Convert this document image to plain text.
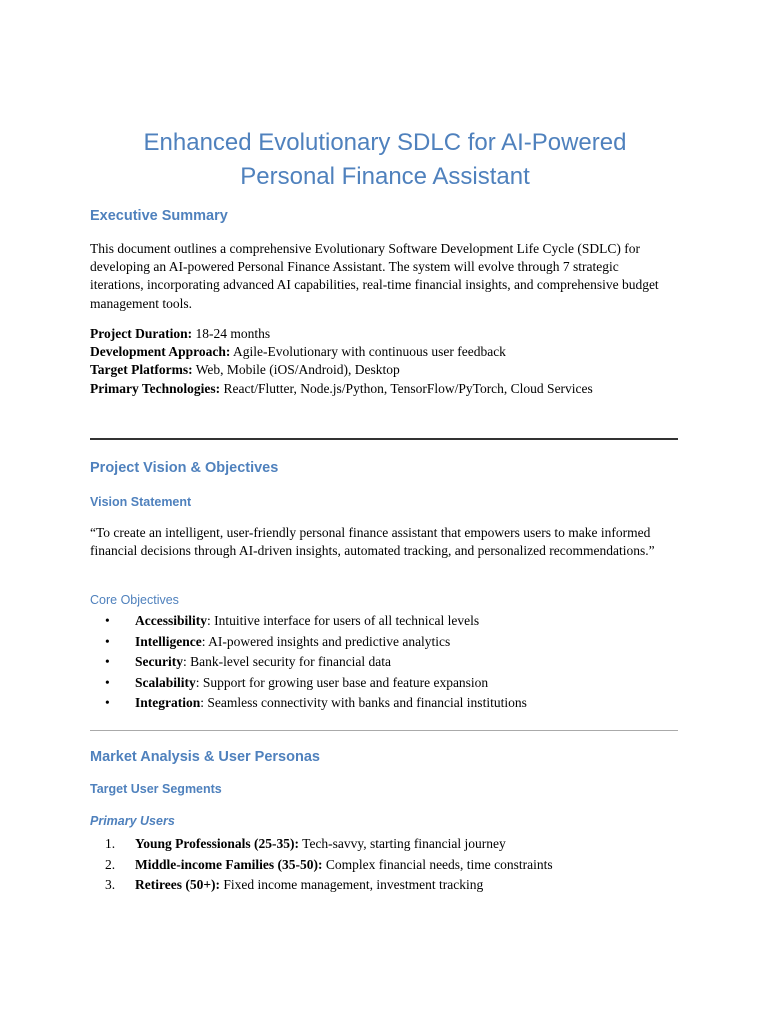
Enhanced Evolutionary SDLC for AI-Powered
Personal Finance Assistant
Executive Summary

This document outlines a comprehensive Evolutionary Software Development Life Cycle (SDLC) for developing an AI-powered Personal Finance Assistant. The system will evolve through 7 strategic iterations, incorporating advanced AI capabilities, real-time financial insights, and comprehensive budget management tools.

Project Duration: 18-24 months
Development Approach: Agile-Evolutionary with continuous user feedback
Target Platforms: Web, Mobile (iOS/Android), Desktop
Primary Technologies: React/Flutter, Node.js/Python, TensorFlow/PyTorch, Cloud Services
Project Vision & Objectives
Vision Statement

“To create an intelligent, user-friendly personal finance assistant that empowers users to make informed financial decisions through AI-driven insights, automated tracking, and personalized recommendations.”

Core Objectives
• Accessibility: Intuitive interface for users of all technical levels
• Intelligence: AI-powered insights and predictive analytics
• Security: Bank-level security for financial data
• Scalability: Support for growing user base and feature expansion
• Integration: Seamless connectivity with banks and financial institutions
Market Analysis & User Personas
Target User Segments
Primary Users
1. Young Professionals (25-35): Tech-savvy, starting financial journey
2. Middle-income Families (35-50): Complex financial needs, time constraints
3. Retirees (50+): Fixed income management, investment tracking
